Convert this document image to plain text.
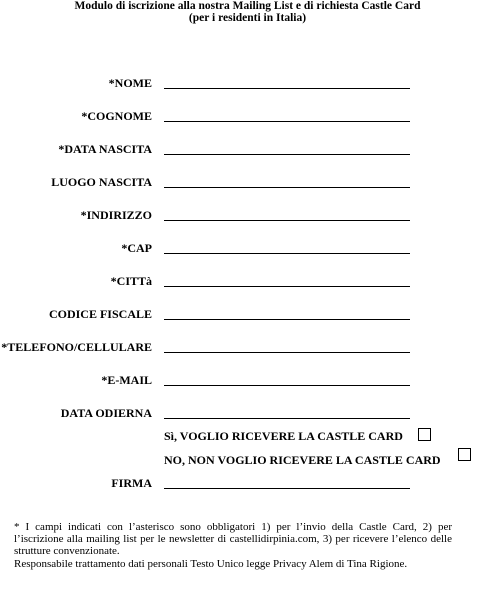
Modulo di iscrizione alla nostra Mailing List e di richiesta Castle Card
(per i residenti in Italia)
*NOME
*COGNOME
*DATA NASCITA
LUOGO NASCITA
*INDIRIZZO
*CAP
*CITTà
CODICE FISCALE
*TELEFONO/CELLULARE
*E-MAIL
DATA ODIERNA
Sì, VOGLIO RICEVERE LA CASTLE CARD
NO, NON VOGLIO RICEVERE LA CASTLE CARD
FIRMA

* I campi indicati con l’asterisco sono obbligatori 1) per l’invio della Castle Card, 2) per l’iscrizione alla mailing list per le newsletter di castellidirpinia.com, 3) per ricevere l’elenco delle strutture convenzionate.

Responsabile trattamento dati personali Testo Unico legge Privacy Alem di Tina Rigione.
